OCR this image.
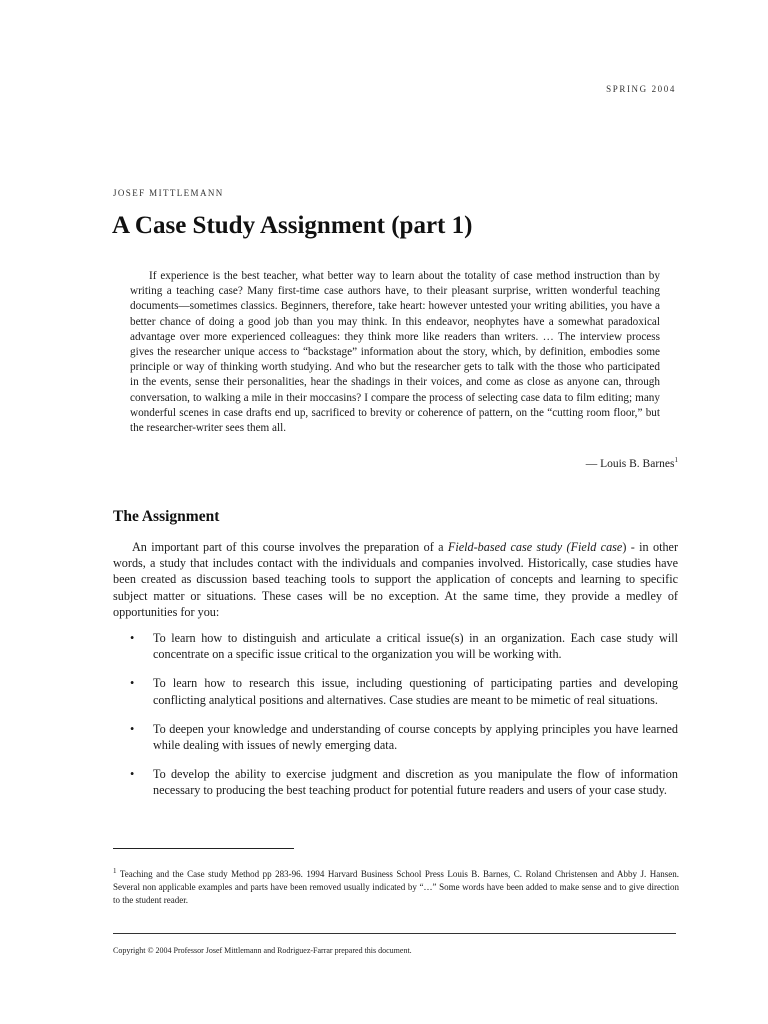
SPRING 2004
JOSEF MITTLEMANN
A Case Study Assignment (part 1)

If experience is the best teacher, what better way to learn about the totality of case method instruction than by writing a teaching case? Many first-time case authors have, to their pleasant surprise, written wonderful teaching documents—sometimes classics. Beginners, therefore, take heart: however untested your writing abilities, you have a better chance of doing a good job than you may think. In this endeavor, neophytes have a somewhat paradoxical advantage over more experienced colleagues: they think more like readers than writers. … The interview process gives the researcher unique access to “backstage” information about the story, which, by definition, embodies some principle or way of thinking worth studying. And who but the researcher gets to talk with the those who participated in the events, sense their personalities, hear the shadings in their voices, and come as close as anyone can, through conversation, to walking a mile in their moccasins? I compare the process of selecting case data to film editing; many wonderful scenes in case drafts end up, sacrificed to brevity or coherence of pattern, on the “cutting room floor,” but the researcher-writer sees them all.

— Louis B. Barnes$^1$
The Assignment

An important part of this course involves the preparation of a Field-based case study (Field case) - in other words, a study that includes contact with the individuals and companies involved. Historically, case studies have been created as discussion based teaching tools to support the application of concepts and learning to specific subject matter or situations. These cases will be no exception. At the same time, they provide a medley of opportunities for you:

• To learn how to distinguish and articulate a critical issue(s) in an organization. Each case study will concentrate on a specific issue critical to the organization you will be working with.
• To learn how to research this issue, including questioning of participating parties and developing conflicting analytical positions and alternatives. Case studies are meant to be mimetic of real situations.
• To deepen your knowledge and understanding of course concepts by applying principles you have learned while dealing with issues of newly emerging data.
• To develop the ability to exercise judgment and discretion as you manipulate the flow of information necessary to producing the best teaching product for potential future readers and users of your case study.

$^1$ Teaching and the Case study Method pp 283-96. 1994 Harvard Business School Press Louis B. Barnes, C. Roland Christensen and Abby J. Hansen. Several non applicable examples and parts have been removed usually indicated by “…” Some words have been added to make sense and to give direction to the student reader.

Copyright © 2004 Professor Josef Mittlemann and Rodriguez-Farrar prepared this document.
